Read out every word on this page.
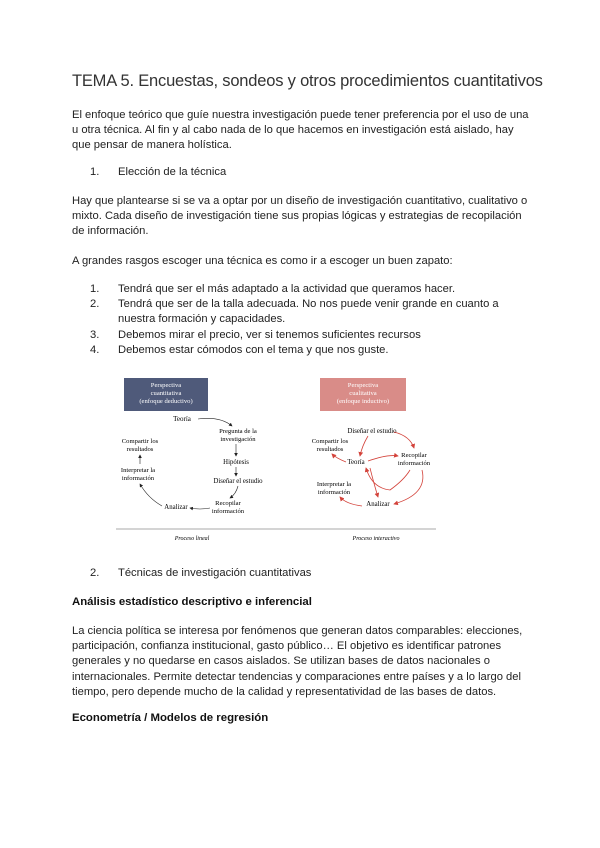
TEMA 5. Encuestas, sondeos y otros procedimientos cuantitativos
El enfoque teórico que guíe nuestra investigación puede tener preferencia por el uso de una u otra técnica. Al fin y al cabo nada de lo que hacemos en investigación está aislado, hay que pensar de manera holística.
1.	Elección de la técnica
Hay que plantearse si se va a optar por un diseño de investigación cuantitativo, cualitativo o mixto. Cada diseño de investigación tiene sus propias lógicas y estrategias de recopilación de información.
A grandes rasgos escoger una técnica es como ir a escoger un buen zapato:
1.	Tendrá que ser el más adaptado a la actividad que queramos hacer.
2.	Tendrá que ser de la talla adecuada. No nos puede venir grande en cuanto a nuestra formación y capacidades.
3.	Debemos mirar el precio, ver si tenemos suficientes recursos
4.	Debemos estar cómodos con el tema y que nos guste.
Perspectiva
cuantitativa
(enfoque deductivo)
Perspectiva
cualitativa
(enfoque inductivo)
Teoría
Pregunta de la
investigación
Hipótesis
Diseñar el estudio
Recopilar
información
Analizar
Interpretar la
información
Compartir los
resultados
Diseñar el estudio
Teoría
Recopilar
información
Analizar
Interpretar la
información
Compartir los
resultados
Proceso lineal	Proceso interactivo
2.	Técnicas de investigación cuantitativas
Análisis estadístico descriptivo e inferencial
La ciencia política se interesa por fenómenos que generan datos comparables: elecciones, participación, confianza institucional, gasto público… El objetivo es identificar patrones generales y no quedarse en casos aislados. Se utilizan bases de datos nacionales o internacionales. Permite detectar tendencias y comparaciones entre países y a lo largo del tiempo, pero depende mucho de la calidad y representatividad de las bases de datos.
Econometría / Modelos de regresión
